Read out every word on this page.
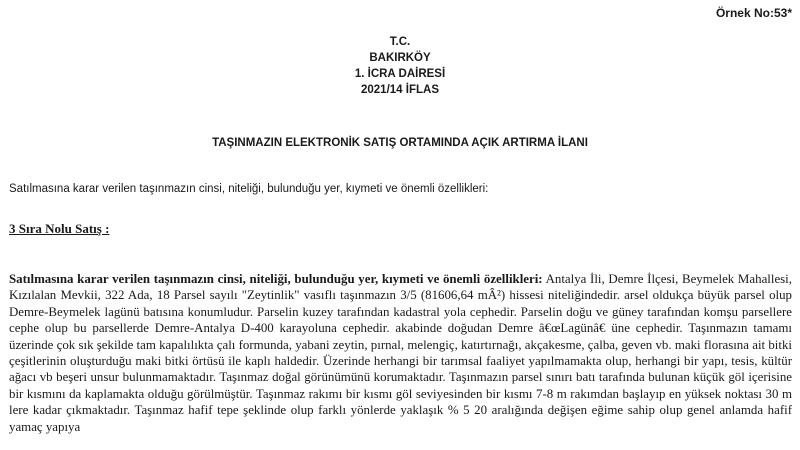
Örnek No:53*
T.C.
BAKIRKÖY
1. İCRA DAİRESİ
2021/14 İFLAS
TAŞINMAZIN ELEKTRONİK SATIŞ ORTAMINDA AÇIK ARTIRMA İLANI
Satılmasına karar verilen taşınmazın cinsi, niteliği, bulunduğu yer, kıymeti ve önemli özellikleri:
3 Sıra Nolu Satış :

Satılmasına karar verilen taşınmazın cinsi, niteliği, bulunduğu yer, kıymeti ve önemli özellikleri: Antalya İli, Demre İlçesi, Beymelek Mahallesi, Kızılalan Mevkii, 322 Ada, 18 Parsel sayılı "Zeytinlik" vasıflı taşınmazın 3/5 (81606,64 mÂ²) hissesi niteliğindedir. arsel oldukça büyük parsel olup Demre-Beymelek lagünü batısına konumludur. Parselin kuzey tarafından kadastral yola cephedir. Parselin doğu ve güney tarafından komşu parsellere cephe olup bu parsellerde Demre-Antalya D-400 karayoluna cephedir. akabinde doğudan Demre â€œLagünâ€ üne cephedir. Taşınmazın tamamı üzerinde çok sık şekilde tam kapalılıkta çalı formunda, yabani zeytin, pırnal, melengiç, katırtırnağı, akçakesme, çalba, geven vb. maki florasına ait bitki çeşitlerinin oluşturduğu maki bitki örtüsü ile kaplı haldedir. Üzerinde herhangi bir tarımsal faaliyet yapılmamakta olup, herhangi bir yapı, tesis, kültür ağacı vb beşeri unsur bulunmamaktadır. Taşınmaz doğal görünümünü korumaktadır. Taşınmazın parsel sınırı batı tarafında bulunan küçük göl içerisine bir kısmını da kaplamakta olduğu görülmüştür. Taşınmaz rakımı bir kısmı göl seviyesinden bir kısmı 7-8 m rakımdan başlayıp en yüksek noktası 30 m lere kadar çıkmaktadır. Taşınmaz hafif tepe şeklinde olup farklı yönlerde yaklaşık % 5 20 aralığında değişen eğime sahip olup genel anlamda hafif yamaç yapıya
